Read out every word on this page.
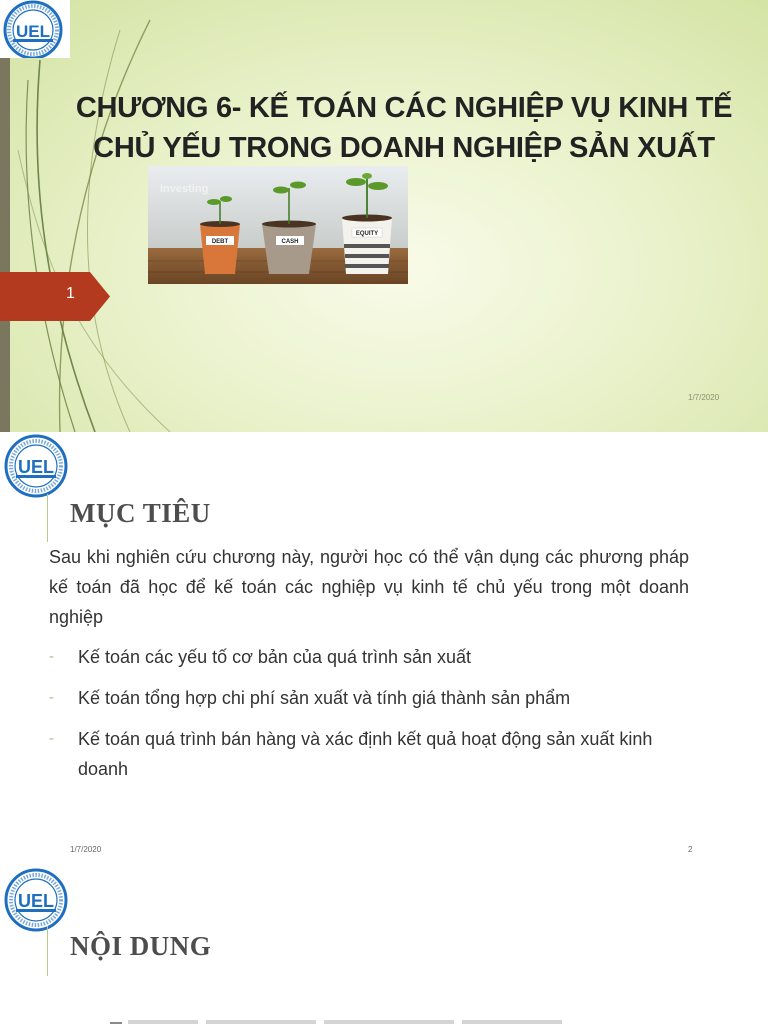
UEL
CHƯƠNG 6- KẾ TOÁN CÁC NGHIỆP VỤ KINH TẾ
CHỦ YẾU TRONG DOANH NGHIỆP SẢN XUẤT
DEBT	CASH
EQUITY
Investing
1
1/7/2020
UEL
MỤC TIÊU
Sau khi nghiên cứu chương này, người học có thể vận dụng các phương pháp kế toán đã học để kế toán các nghiệp vụ kinh tế chủ yếu trong một doanh nghiệp
- Kế toán các yếu tố cơ bản của quá trình sản xuất
- Kế toán tổng hợp chi phí sản xuất và tính giá thành sản phẩm
- Kế toán quá trình bán hàng và xác định kết quả hoạt động sản xuất kinh doanh
1/7/2020	2
UEL
NỘI DUNG
